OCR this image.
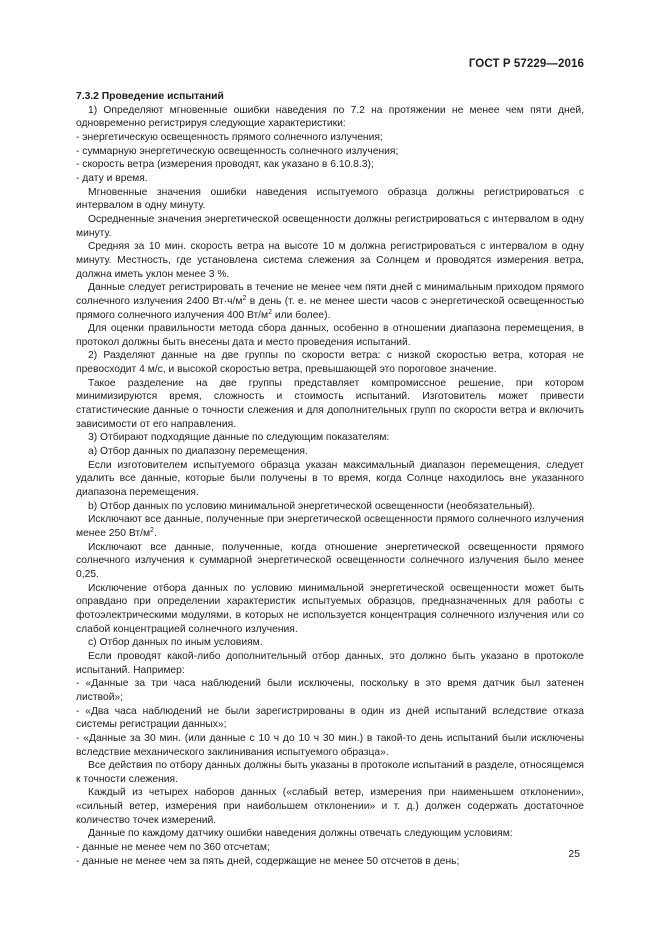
ГОСТ Р 57229—2016

7.3.2 Проведение испытаний

1) Определяют мгновенные ошибки наведения по 7.2 на протяжении не менее чем пяти дней, одновременно регистрируя следующие характеристики:

- энергетическую освещенность прямого солнечного излучения;

- суммарную энергетическую освещенность солнечного излучения;

- скорость ветра (измерения проводят, как указано в 6.10.8.3);

- дату и время.

Мгновенные значения ошибки наведения испытуемого образца должны регистрироваться с интервалом в одну минуту.

Осредненные значения энергетической освещенности должны регистрироваться с интервалом в одну минуту.

Средняя за 10 мин. скорость ветра на высоте 10 м должна регистрироваться с интервалом в одну минуту. Местность, где установлена система слежения за Солнцем и проводятся измерения ветра, должна иметь уклон менее 3 %.

Данные следует регистрировать в течение не менее чем пяти дней с минимальным приходом прямого солнечного излучения 2400 $Вт\cdot ч/м^2$ в день (т. е. не менее шести часов с энергетической освещенностью прямого солнечного излучения 400 $Вт/м^2$ или более).

Для оценки правильности метода сбора данных, особенно в отношении диапазона перемещения, в протокол должны быть внесены дата и место проведения испытаний.

2) Разделяют данные на две группы по скорости ветра: с низкой скоростью ветра, которая не превосходит 4 м/с, и высокой скоростью ветра, превышающей это пороговое значение.

Такое разделение на две группы представляет компромиссное решение, при котором минимизируются время, сложность и стоимость испытаний. Изготовитель может привести статистические данные о точности слежения и для дополнительных групп по скорости ветра и включить зависимости от его направления.

3) Отбирают подходящие данные по следующим показателям:

а) Отбор данных по диапазону перемещения.

Если изготовителем испытуемого образца указан максимальный диапазон перемещения, следует удалить все данные, которые были получены в то время, когда Солнце находилось вне указанного диапазона перемещения.

b) Отбор данных по условию минимальной энергетической освещенности (необязательный).

Исключают все данные, полученные при энергетической освещенности прямого солнечного излучения менее 250 $Вт/м^2$.

Исключают все данные, полученные, когда отношение энергетической освещенности прямого солнечного излучения к суммарной энергетической освещенности солнечного излучения было менее 0,25.

Исключение отбора данных по условию минимальной энергетической освещенности может быть оправдано при определении характеристик испытуемых образцов, предназначенных для работы с фотоэлектрическими модулями, в которых не используется концентрация солнечного излучения или со слабой концентрацией солнечного излучения.

с) Отбор данных по иным условиям.

Если проводят какой-либо дополнительный отбор данных, это должно быть указано в протоколе испытаний. Например:

- «Данные за три часа наблюдений были исключены, поскольку в это время датчик был затенен листвой»;

- «Два часа наблюдений не были зарегистрированы в один из дней испытаний вследствие отказа системы регистрации данных»;

- «Данные за 30 мин. (или данные с 10 ч до 10 ч 30 мин.) в такой-то день испытаний были исключены вследствие механического заклинивания испытуемого образца».

Все действия по отбору данных должны быть указаны в протоколе испытаний в разделе, относящемся к точности слежения.

Каждый из четырех наборов данных («слабый ветер, измерения при наименьшем отклонении», «сильный ветер, измерения при наибольшем отклонении» и т. д.) должен содержать достаточное количество точек измерений.

Данные по каждому датчику ошибки наведения должны отвечать следующим условиям:

- данные не менее чем по 360 отсчетам;

- данные не менее чем за пять дней, содержащие не менее 50 отсчетов в день;

25
